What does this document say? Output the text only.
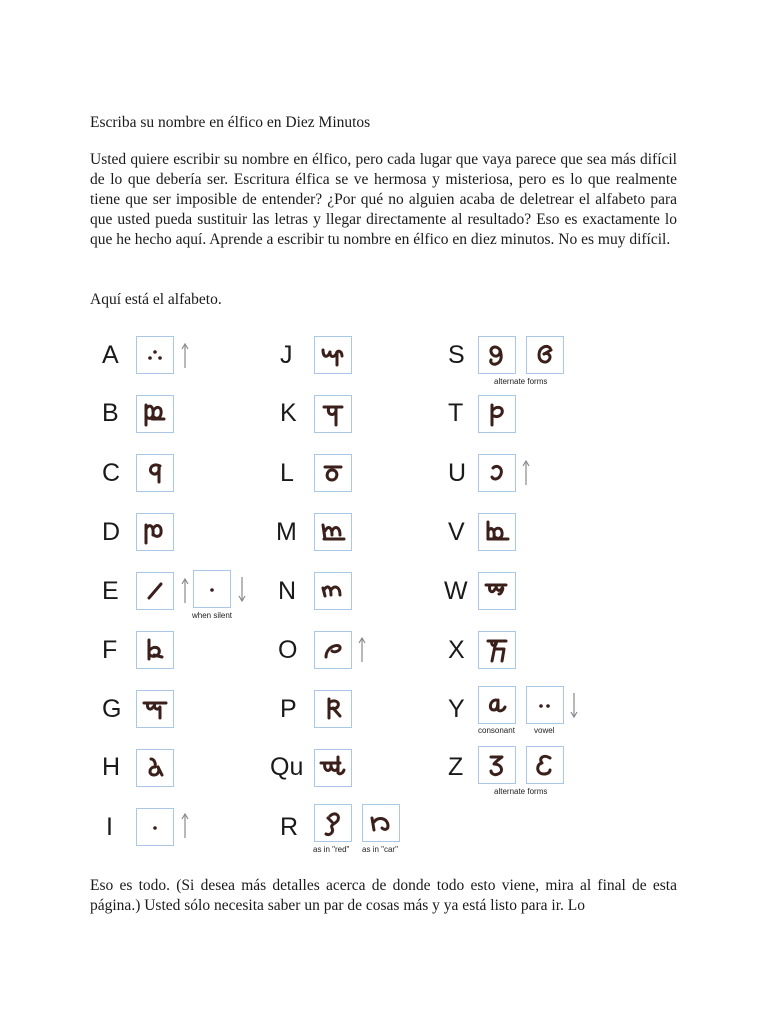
Escriba su nombre en élfico en Diez Minutos
Usted quiere escribir su nombre en élfico, pero cada lugar que vaya parece que sea más difícil de lo que debería ser. Escritura élfica se ve hermosa y misteriosa, pero es lo que realmente tiene que ser imposible de entender? ¿Por qué no alguien acaba de deletrear el alfabeto para que usted pueda sustituir las letras y llegar directamente al resultado? Eso es exactamente lo que he hecho aquí. Aprende a escribir tu nombre en élfico en diez minutos. No es muy difícil.
Aquí está el alfabeto.
A
B
C
D
E
when silent
F
G
H
I
J
K
L
M
N
O
P
Qu
R
as in "red" as in "car"
S
alternate forms
T
U
V
W
X
Y
consonant vowel
Z
alternate forms
Eso es todo. (Si desea más detalles acerca de donde todo esto viene, mira al final de esta página.) Usted sólo necesita saber un par de cosas más y ya está listo para ir. Lo
